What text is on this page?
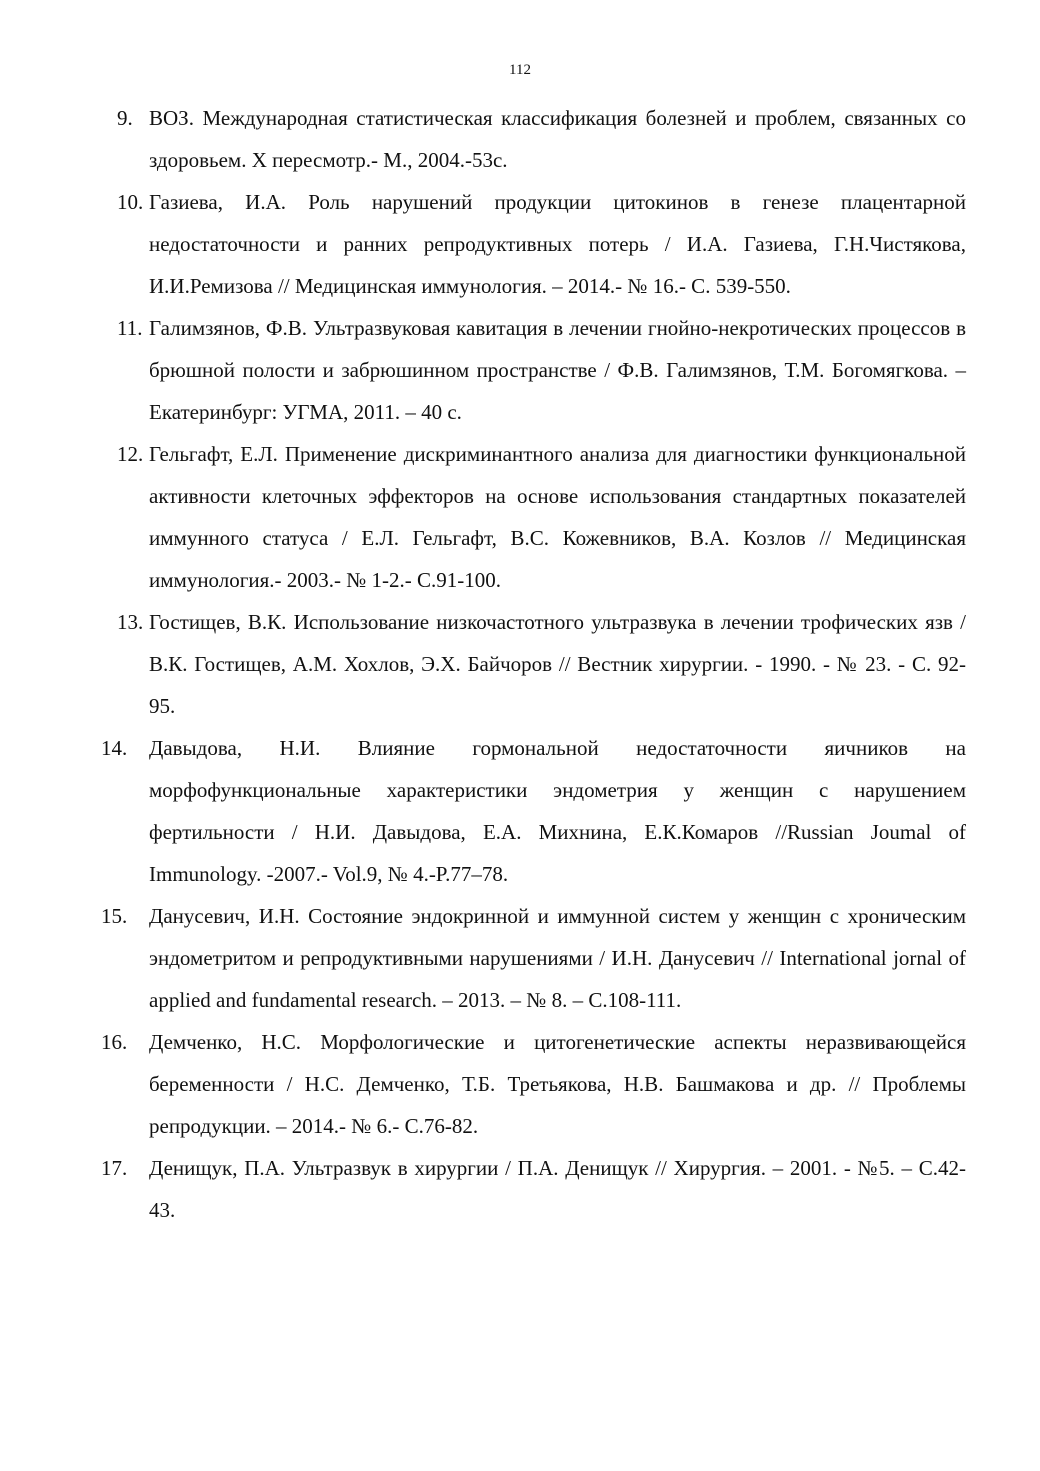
112
9. ВОЗ. Международная статистическая классификация болезней и проблем, связанных со здоровьем. X пересмотр.- М., 2004.-53с.
10. Газиева, И.А. Роль нарушений продукции цитокинов в генезе плацентарной недостаточности и ранних репродуктивных потерь / И.А. Газиева, Г.Н.Чистякова, И.И.Ремизова // Медицинская иммунология. – 2014.- № 16.- С. 539-550.
11. Галимзянов, Ф.В. Ультразвуковая кавитация в лечении гнойно-некротических процессов в брюшной полости и забрюшинном пространстве / Ф.В. Галимзянов, Т.М. Богомягкова. – Екатеринбург: УГМА, 2011. – 40 с.
12. Гельгафт, Е.Л. Применение дискриминантного анализа для диагностики функциональной активности клеточных эффекторов на основе использования стандартных показателей иммунного статуса / Е.Л. Гельгафт, В.С. Кожевников, В.А. Козлов // Медицинская иммунология.- 2003.- № 1-2.- С.91-100.
13. Гостищев, В.К. Использование низкочастотного ультразвука в лечении трофических язв / В.К. Гостищев, А.М. Хохлов, Э.Х. Байчоров // Вестник хирургии. - 1990. - № 23. - С. 92-95.
14. Давыдова, Н.И. Влияние гормональной недостаточности яичников на морфофункциональные характеристики эндометрия у женщин с нарушением фертильности / Н.И. Давыдова, Е.А. Михнина, Е.К.Комаров //Russian Joumal of Immunology. -2007.- Vol.9, № 4.-P.77–78.
15. Данусевич, И.Н. Состояние эндокринной и иммунной систем у женщин с хроническим эндометритом и репродуктивными нарушениями / И.Н. Данусевич // International jornal of applied and fundamental research. – 2013. – № 8. – С.108-111.
16. Демченко, Н.С. Морфологические и цитогенетические аспекты неразвивающейся беременности / Н.С. Демченко, Т.Б. Третьякова, Н.В. Башмакова и др. // Проблемы репродукции. – 2014.- № 6.- С.76-82.
17. Денищук, П.А. Ультразвук в хирургии / П.А. Денищук // Хирургия. – 2001. - №5. – С.42-43.
